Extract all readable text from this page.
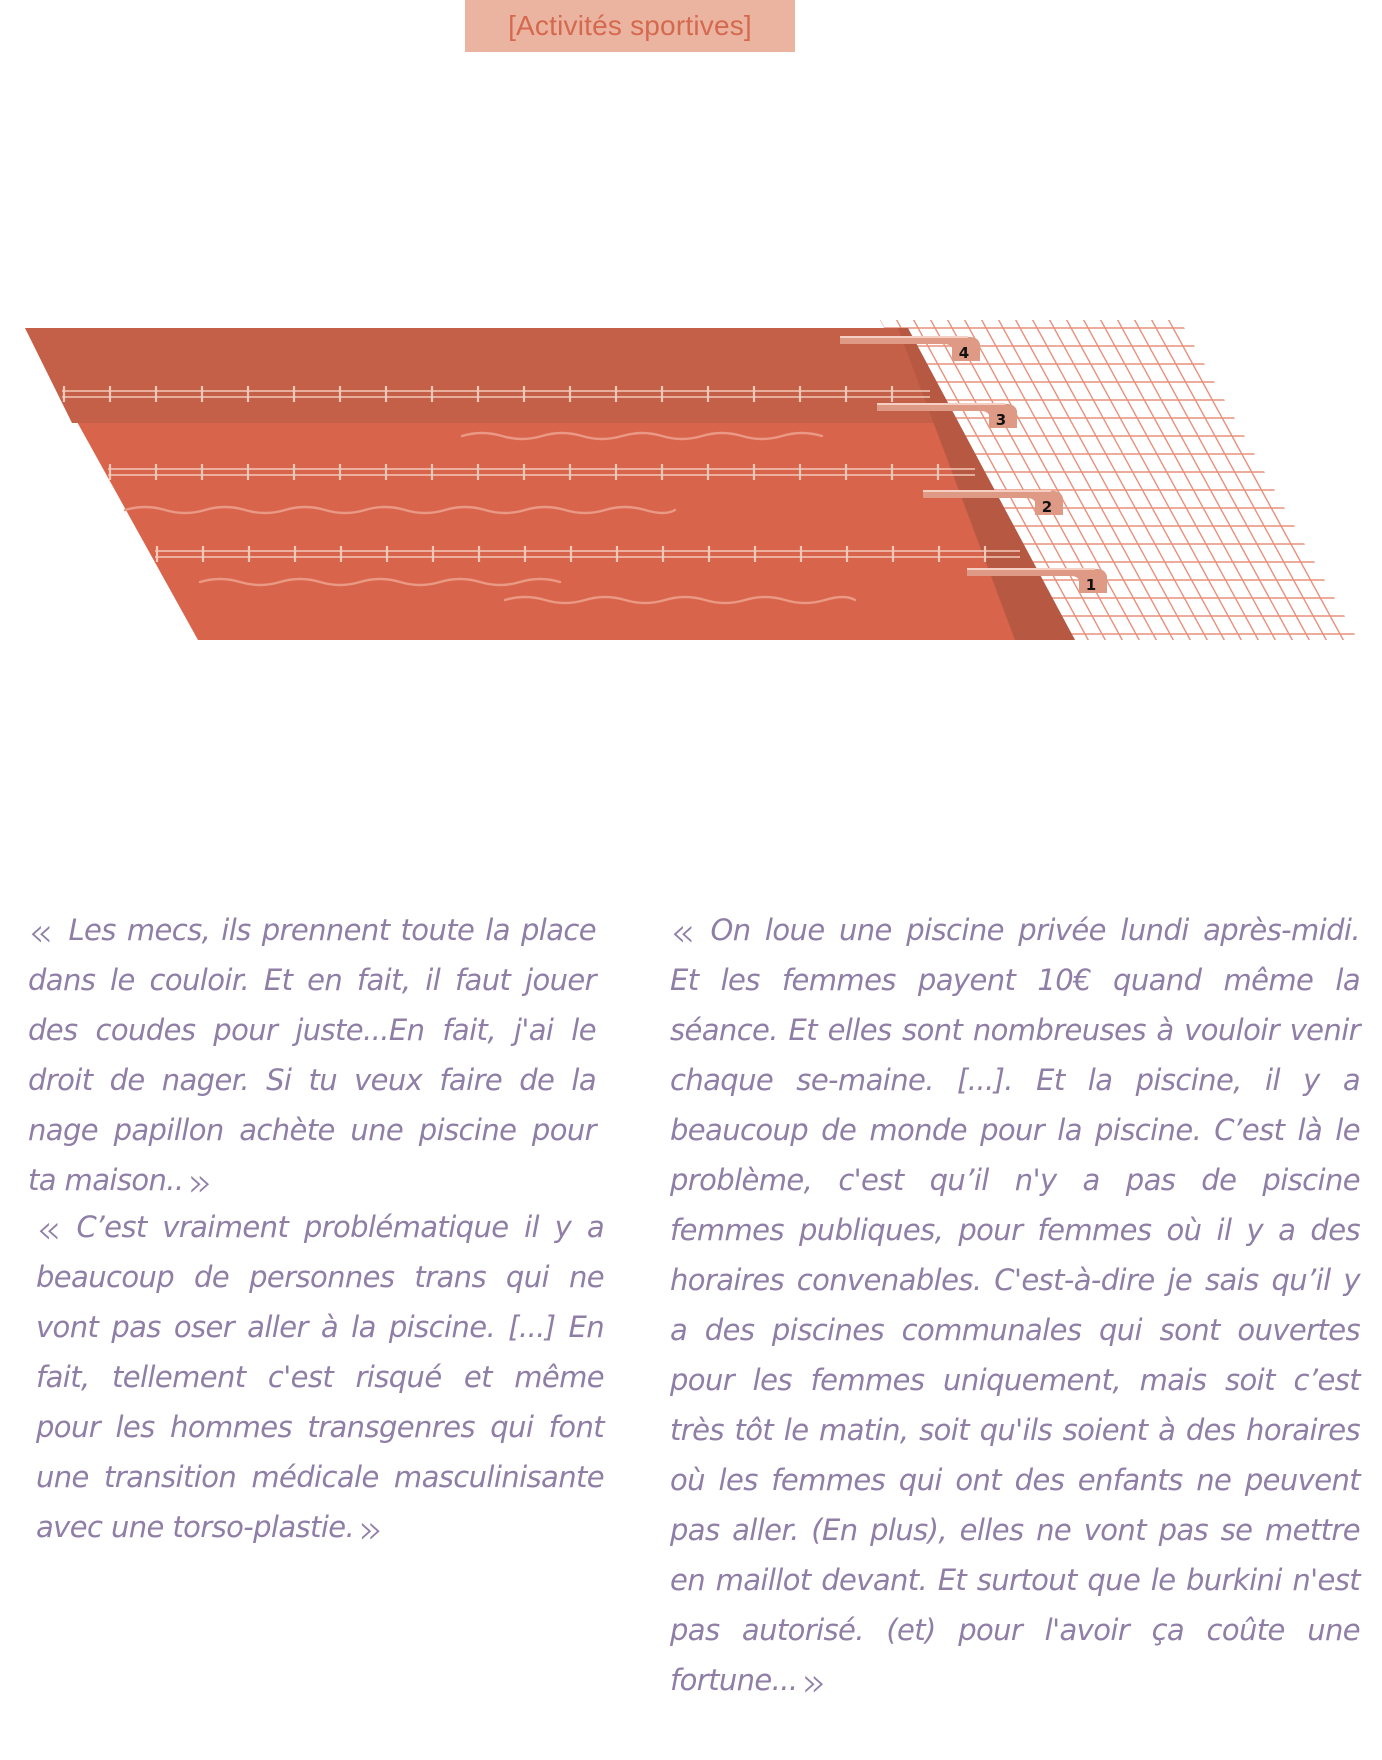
[Activités sportives]
4
3
2
1

« Les mecs, ils prennent toute la place dans le couloir. Et en fait, il faut jouer des coudes pour juste...En fait, j'ai le droit de nager. Si tu veux faire de la nage papillon achète une piscine pour ta maison.. »

« C’est vraiment problématique il y a beaucoup de personnes trans qui ne vont pas oser aller à la piscine. [...] En fait, tellement c'est risqué et même pour les hommes transgenres qui font une transition médicale masculinisante avec une torso-plastie. »

« On loue une piscine privée lundi après-midi. Et les femmes payent 10€ quand même la séance. Et elles sont nombreuses à vouloir venir chaque se-maine. [...]. Et la piscine, il y a beaucoup de monde pour la piscine. C’est là le problème, c'est qu’il n'y a pas de piscine femmes publiques, pour femmes où il y a des horaires convenables. C'est-à-dire je sais qu’il y a des piscines communales qui sont ouvertes pour les femmes uniquement, mais soit c’est très tôt le matin, soit qu'ils soient à des horaires où les femmes qui ont des enfants ne peuvent pas aller. (En plus), elles ne vont pas se mettre en maillot devant. Et surtout que le burkini n'est pas autorisé. (et) pour l'avoir ça coûte une fortune... »
